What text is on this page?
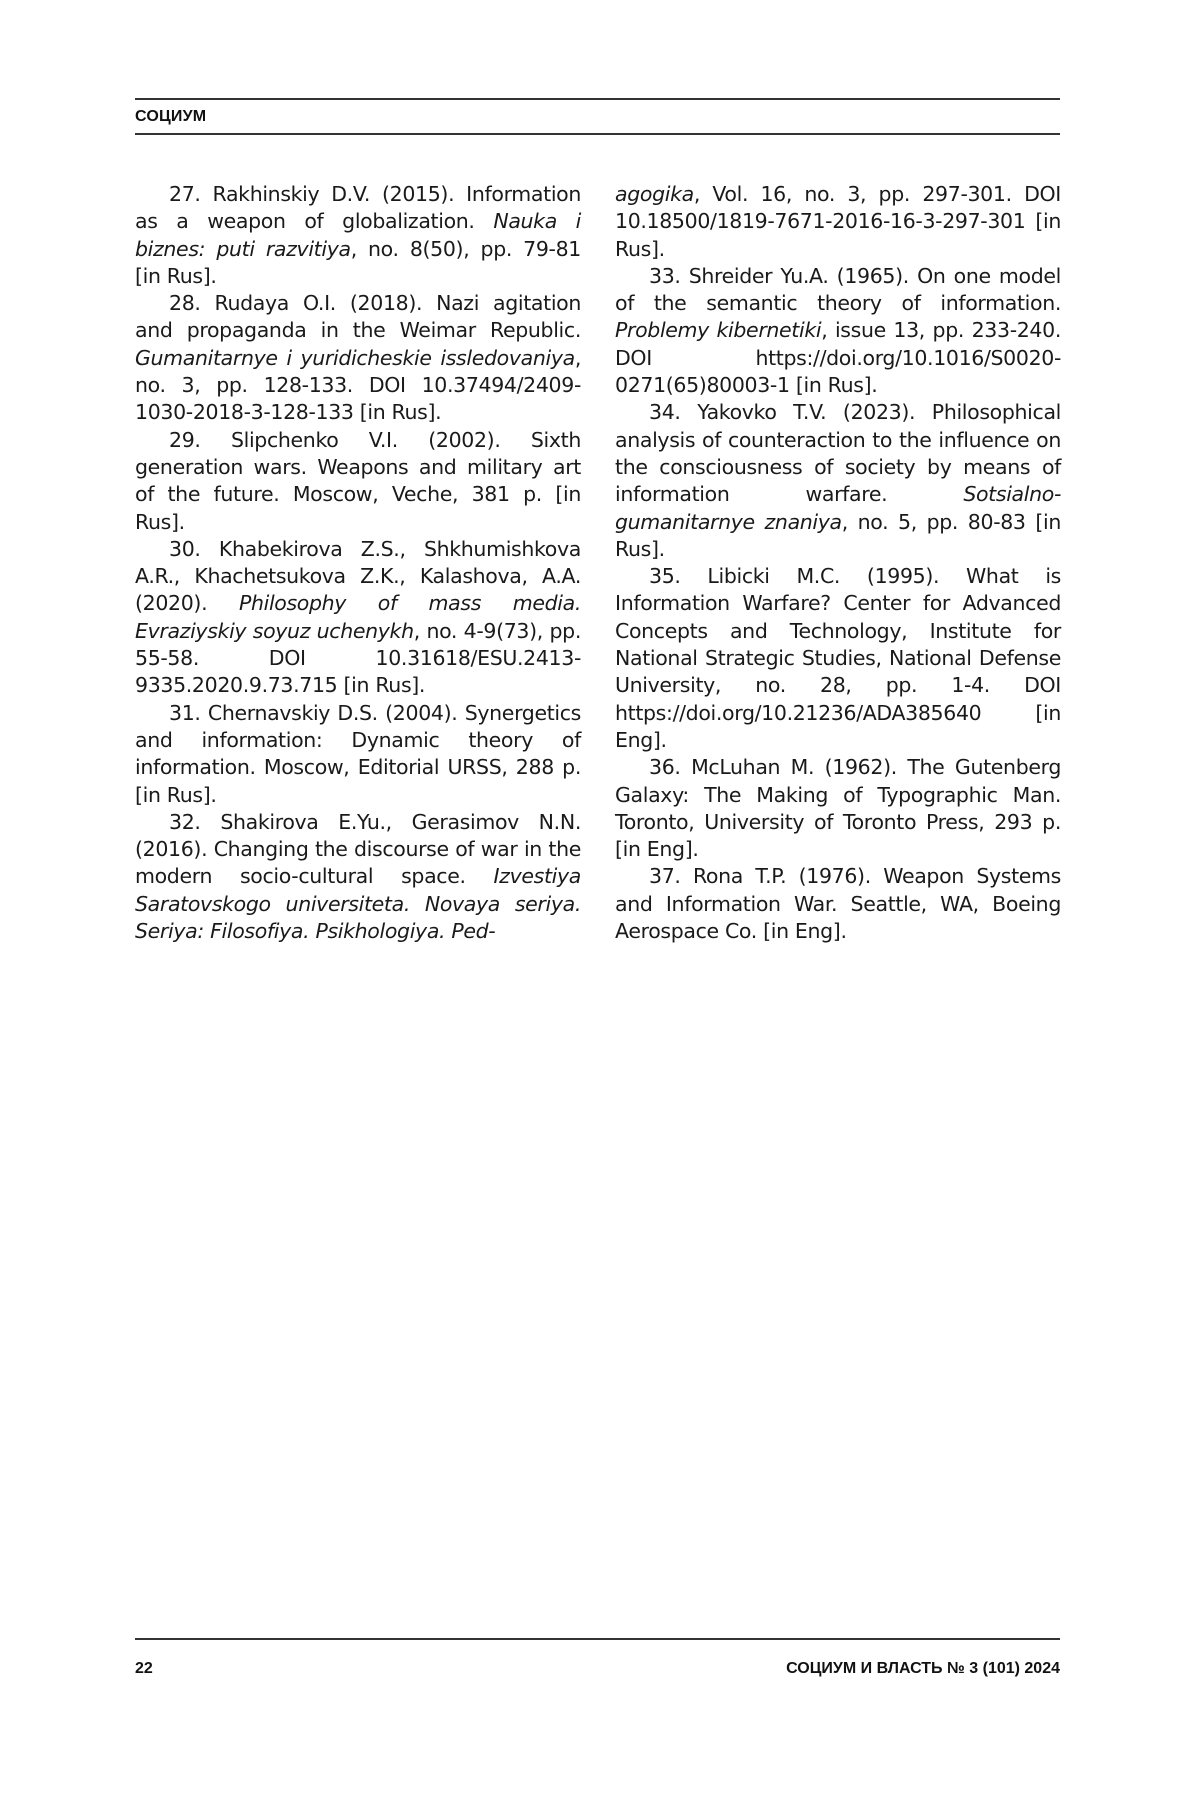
СОЦИУМ

27. Rakhinskiy D.V. (2015). Information as a weapon of globalization. Nauka i biznes: puti razvitiya, no. 8(50), pp. 79-81 [in Rus].

28. Rudaya O.I. (2018). Nazi agitation and propaganda in the Weimar Republic. Gumanitarnye i yuridicheskie issledovaniya, no. 3, pp. 128-133. DOI 10.37494/2409-1030-2018-3-128-133 [in Rus].

29. Slipchenko V.I. (2002). Sixth generation wars. Weapons and military art of the future. Moscow, Veche, 381 p. [in Rus].

30. Khabekirova Z.S., Shkhumishkova A.R., Khachetsukova Z.K., Kalashova, A.A. (2020). Philosophy of mass media. Evraziyskiy soyuz uchenykh, no. 4-9(73), pp. 55-58. DOI 10.31618/ESU.2413-9335.2020.9.73.715 [in Rus].

31. Chernavskiy D.S. (2004). Synergetics and information: Dynamic theory of information. Moscow, Editorial URSS, 288 p. [in Rus].

32. Shakirova E.Yu., Gerasimov N.N. (2016). Changing the discourse of war in the modern socio-cultural space. Izvestiya Saratovskogo universiteta. Novaya seriya. Seriya: Filosofiya. Psikhologiya. Ped-

agogika, Vol. 16, no. 3, pp. 297-301. DOI 10.18500/1819-7671-2016-16-3-297-301 [in Rus].

33. Shreider Yu.A. (1965). On one model of the semantic theory of information. Problemy kibernetiki, issue 13, pp. 233-240. DOI https://doi.org/10.1016/S0020-0271(65)80003-1 [in Rus].

34. Yakovko T.V. (2023). Philosophical analysis of counteraction to the influence on the consciousness of society by means of information warfare. Sotsialno-gumanitarnye znaniya, no. 5, pp. 80-83 [in Rus].

35. Libicki M.C. (1995). What is Information Warfare? Center for Advanced Concepts and Technology, Institute for National Strategic Studies, National Defense University, no. 28, pp. 1-4. DOI https://doi.org/10.21236/ADA385640 [in Eng].

36. McLuhan M. (1962). The Gutenberg Galaxy: The Making of Typographic Man. Toronto, University of Toronto Press, 293 p. [in Eng].

37. Rona T.P. (1976). Weapon Systems and Information War. Seattle, WA, Boeing Aerospace Co. [in Eng].

22	СОЦИУМ И ВЛАСТЬ № 3 (101) 2024
